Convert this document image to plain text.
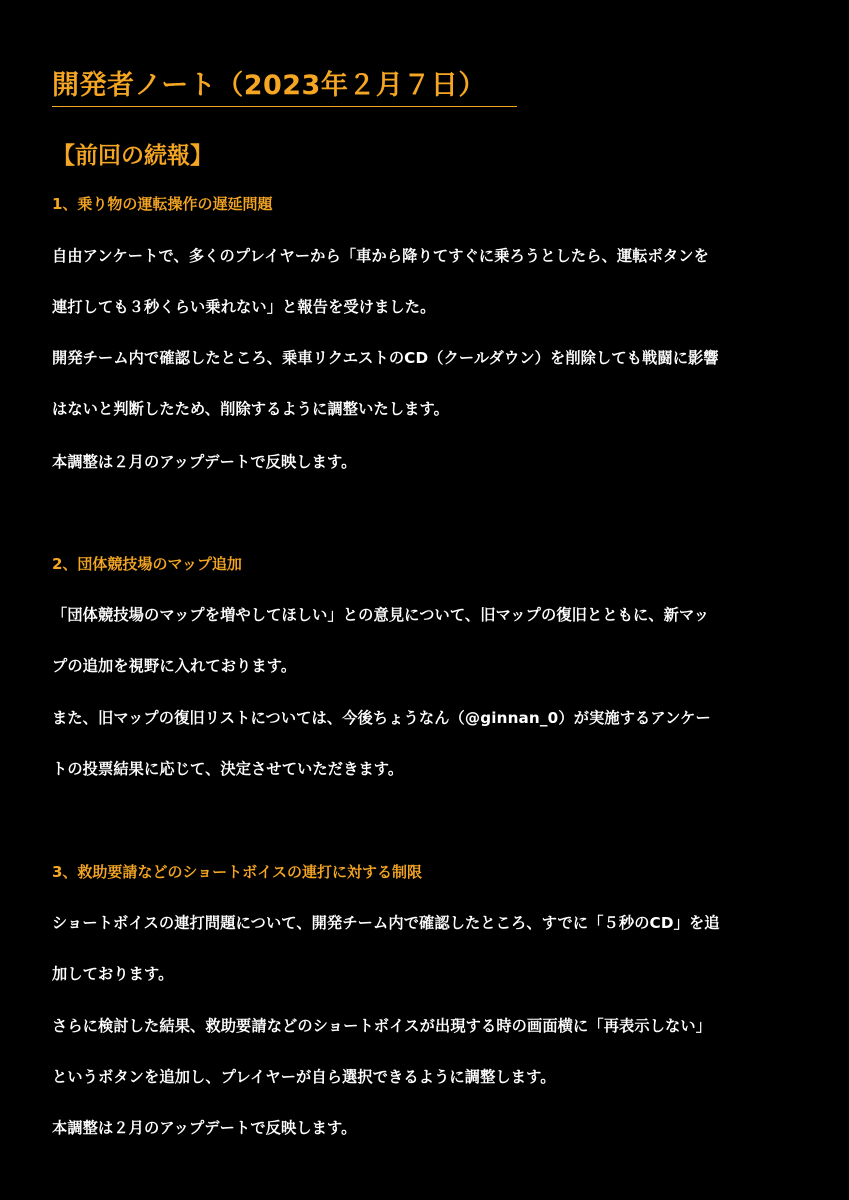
開発者ノート（2023年２月７日）
【前回の続報】
1、乗り物の運転操作の遅延問題
自由アンケートで、多くのプレイヤーから「車から降りてすぐに乗ろうとしたら、運転ボタンを
連打しても３秒くらい乗れない」と報告を受けました。
開発チーム内で確認したところ、乗車リクエストのCD（クールダウン）を削除しても戦闘に影響
はないと判断したため、削除するように調整いたします。
本調整は２月のアップデートで反映します。
2、団体競技場のマップ追加
「団体競技場のマップを増やしてほしい」との意見について、旧マップの復旧とともに、新マッ
プの追加を視野に入れております。
また、旧マップの復旧リストについては、今後ちょうなん（@ginnan_0）が実施するアンケー
トの投票結果に応じて、決定させていただきます。
3、救助要請などのショートボイスの連打に対する制限
ショートボイスの連打問題について、開発チーム内で確認したところ、すでに「５秒のCD」を追
加しております。
さらに検討した結果、救助要請などのショートボイスが出現する時の画面横に「再表示しない」
というボタンを追加し、プレイヤーが自ら選択できるように調整します。
本調整は２月のアップデートで反映します。
